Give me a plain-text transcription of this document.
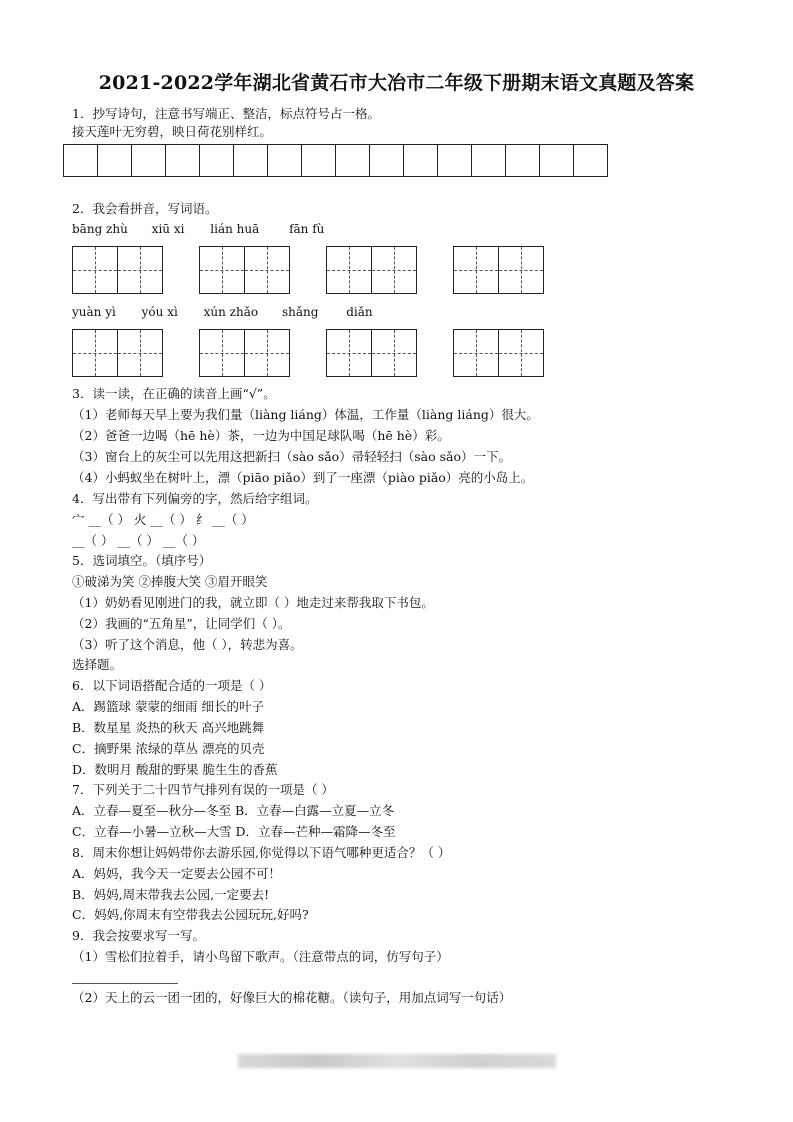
2021-2022学年湖北省黄石市大冶市二年级下册期末语文真题及答案
1．抄写诗句，注意书写端正、整洁，标点符号占一格。
接天莲叶无穷碧，映日荷花别样红。
2．我会看拼音，写词语。
bāng zhù xiū xi lián huā fān fù
yuàn yì yóu xì xún zhǎo shǎng diǎn
3．读一读，在正确的读音上画“√”。
（1）老师每天早上要为我们量（liàng liáng）体温，工作量（liàng liáng）很大。
（2）爸爸一边喝（hē hè）茶，一边为中国足球队喝（hē hè）彩。
（3）窗台上的灰尘可以先用这把新扫（sào sǎo）帚轻轻扫（sào sǎo）一下。
（4）小蚂蚁坐在树叶上，漂（piāo piǎo）到了一座漂（piào piǎo）亮的小岛上。
4．写出带有下列偏旁的字，然后给字组词。
宀 __（ ） 火 __（ ） 纟 __（ ）
__（ ） __（ ） __（ ）
5．选词填空。（填序号）
①破涕为笑 ②捧腹大笑 ③眉开眼笑
（1）奶奶看见刚进门的我，就立即（ ）地走过来帮我取下书包。
（2）我画的“五角星”，让同学们（ ）。
（3）听了这个消息，他（ ），转悲为喜。
选择题。
6．以下词语搭配合适的一项是（ ）
A．踢篮球 蒙蒙的细雨 细长的叶子
B．数星星 炎热的秋天 高兴地跳舞
C．摘野果 浓绿的草丛 漂亮的贝壳
D．数明月 酸甜的野果 脆生生的香蕉
7．下列关于二十四节气排列有误的一项是（ ）
A．立春—夏至—秋分—冬至 B．立春—白露—立夏—立冬
C．立春—小暑—立秋—大雪 D．立春—芒种—霜降—冬至
8．周末你想让妈妈带你去游乐园,你觉得以下语气哪种更适合？（ ）
A．妈妈，我今天一定要去公园不可！
B．妈妈,周末带我去公园,一定要去!
C．妈妈,你周末有空带我去公园玩玩,好吗?
9．我会按要求写一写。
（1）雪松们拉着手，请小鸟留下歌声。（注意带点的词，仿写句子）
（2）天上的云一团一团的，好像巨大的棉花糖。（读句子，用加点词写一句话）
